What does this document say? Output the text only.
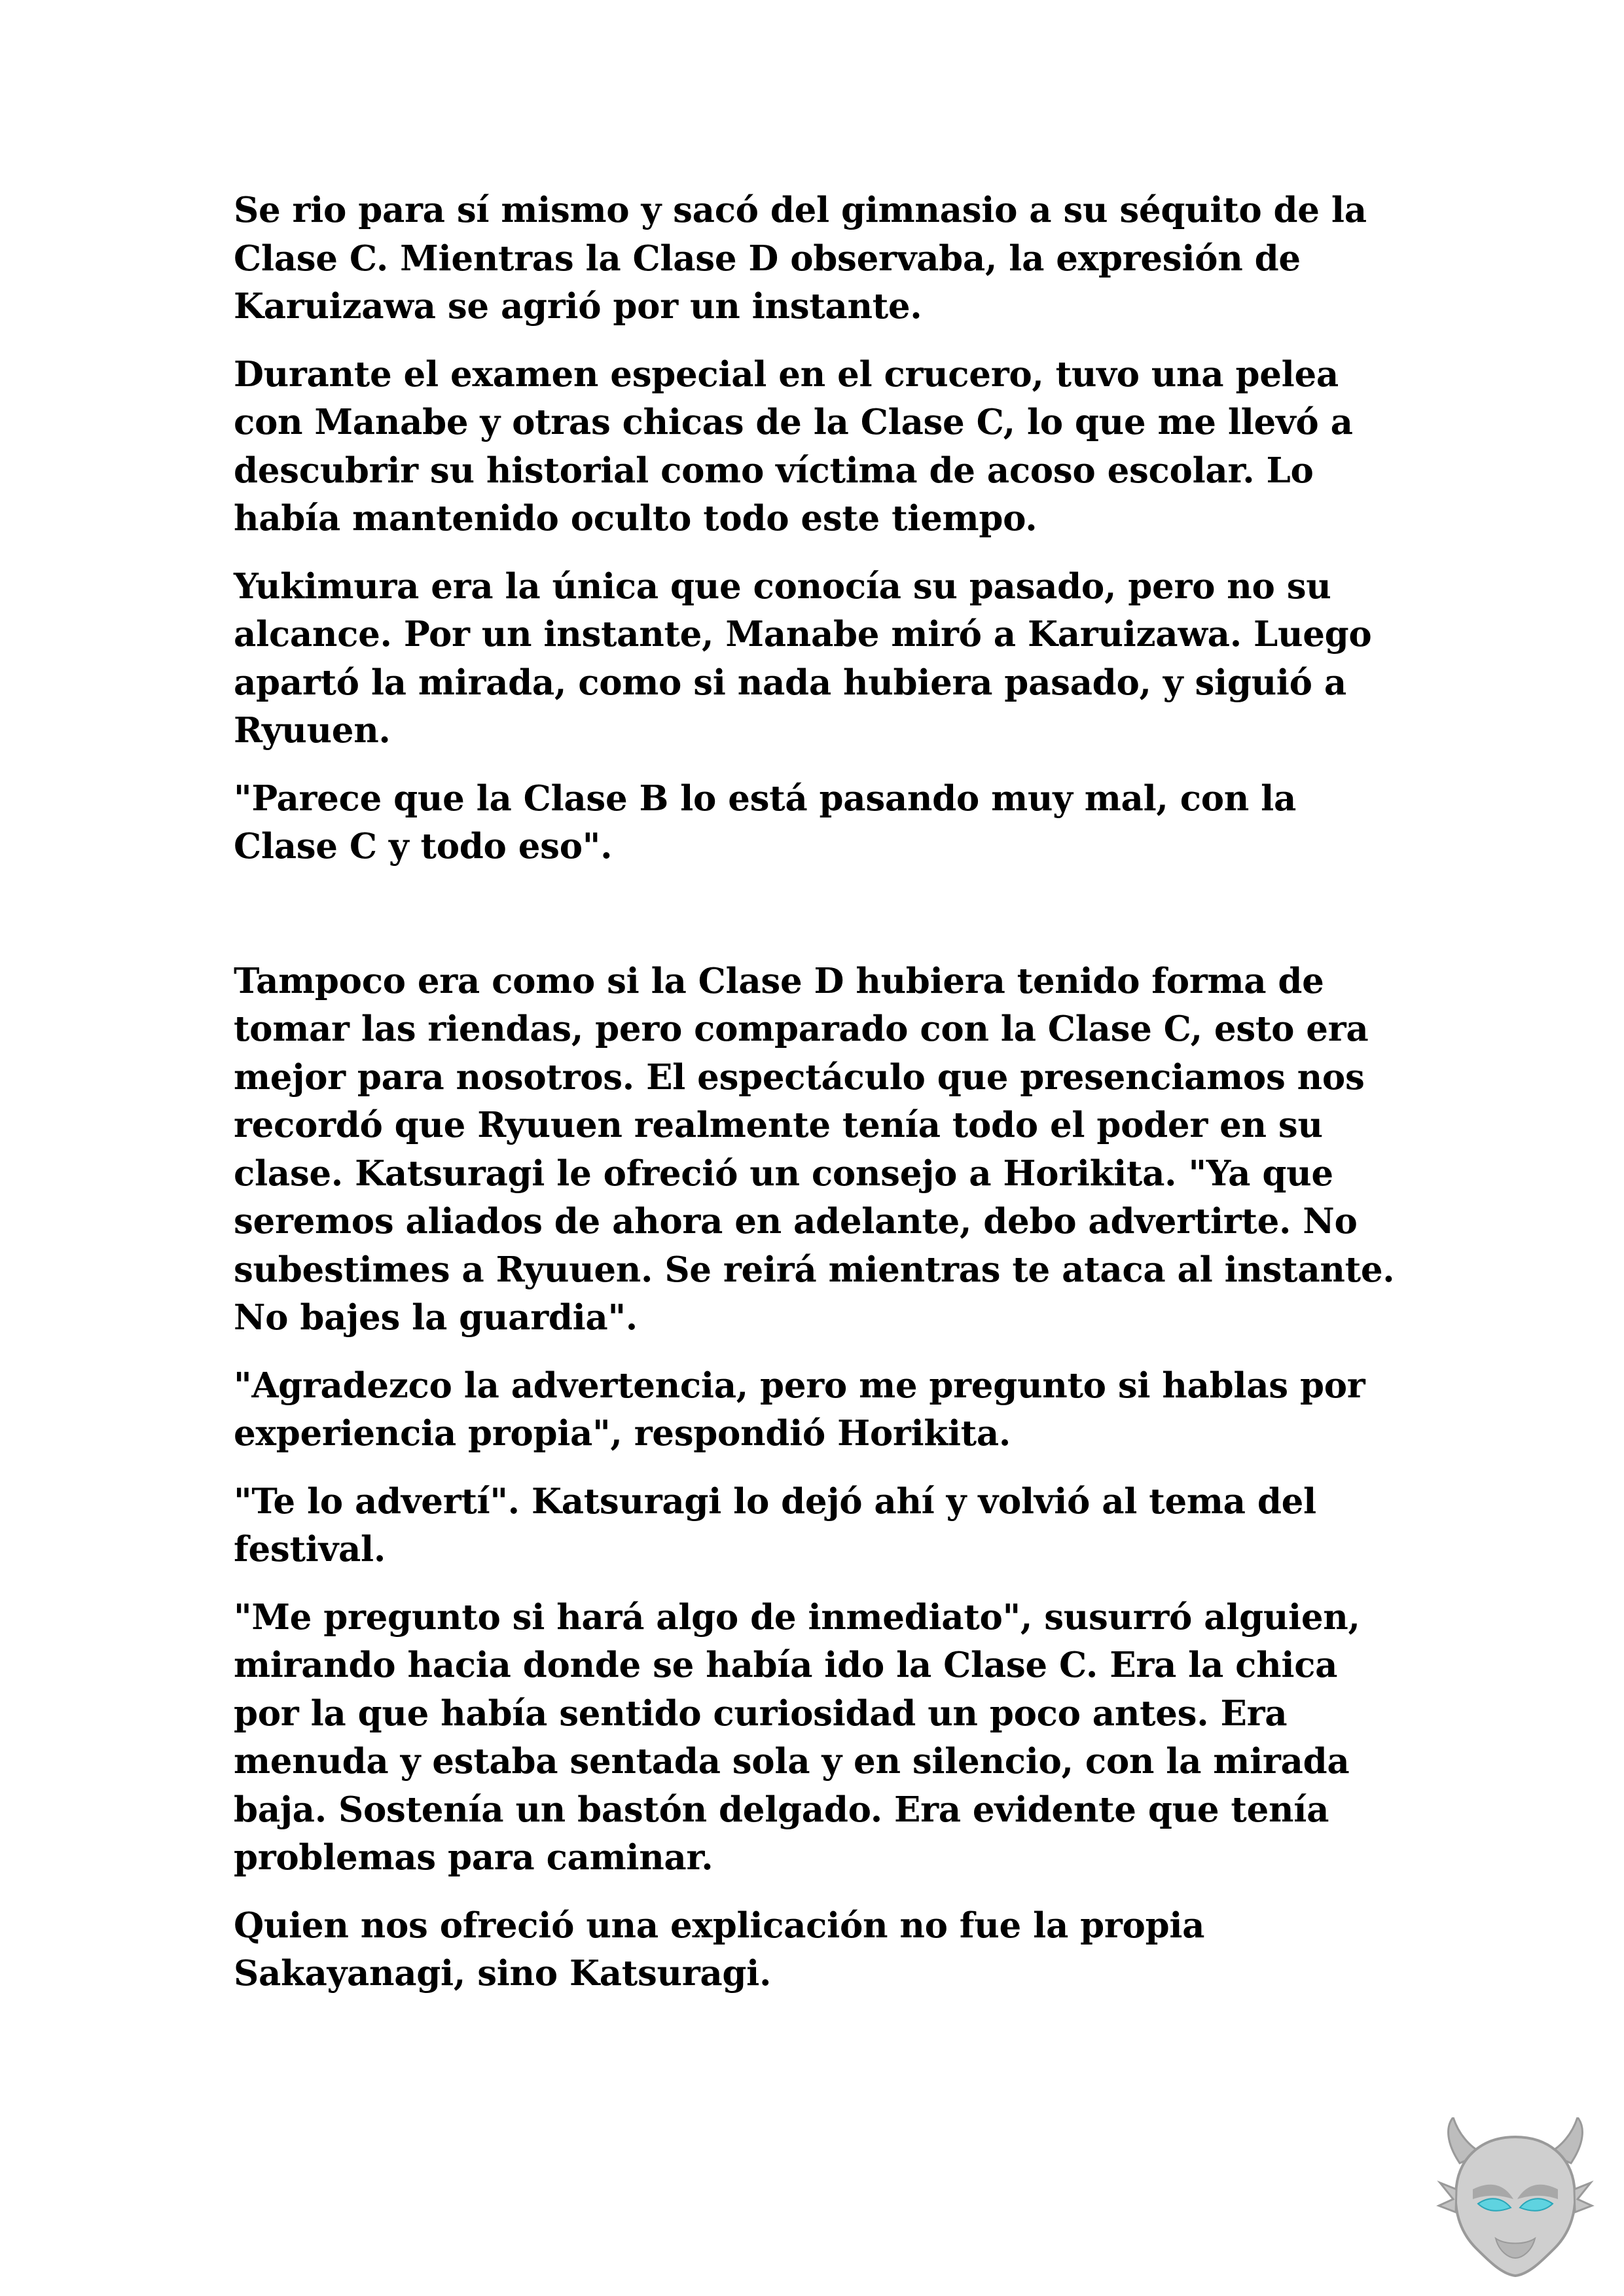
Se rio para sí mismo y sacó del gimnasio a su séquito de la Clase C. Mientras la Clase D observaba, la expresión de Karuizawa se agrió por un instante.

Durante el examen especial en el crucero, tuvo una pelea con Manabe y otras chicas de la Clase C, lo que me llevó a descubrir su historial como víctima de acoso escolar. Lo había mantenido oculto todo este tiempo.

Yukimura era la única que conocía su pasado, pero no su alcance. Por un instante, Manabe miró a Karuizawa. Luego apartó la mirada, como si nada hubiera pasado, y siguió a Ryuuen.

"Parece que la Clase B lo está pasando muy mal, con la Clase C y todo eso".

Tampoco era como si la Clase D hubiera tenido forma de tomar las riendas, pero comparado con la Clase C, esto era mejor para nosotros. El espectáculo que presenciamos nos recordó que Ryuuen realmente tenía todo el poder en su clase. Katsuragi le ofreció un consejo a Horikita. "Ya que seremos aliados de ahora en adelante, debo advertirte. No subestimes a Ryuuen. Se reirá mientras te ataca al instante. No bajes la guardia".

"Agradezco la advertencia, pero me pregunto si hablas por experiencia propia", respondió Horikita.

"Te lo advertí". Katsuragi lo dejó ahí y volvió al tema del festival.

"Me pregunto si hará algo de inmediato", susurró alguien, mirando hacia donde se había ido la Clase C. Era la chica por la que había sentido curiosidad un poco antes. Era menuda y estaba sentada sola y en silencio, con la mirada baja. Sostenía un bastón delgado. Era evidente que tenía problemas para caminar.

Quien nos ofreció una explicación no fue la propia Sakayanagi, sino Katsuragi.
